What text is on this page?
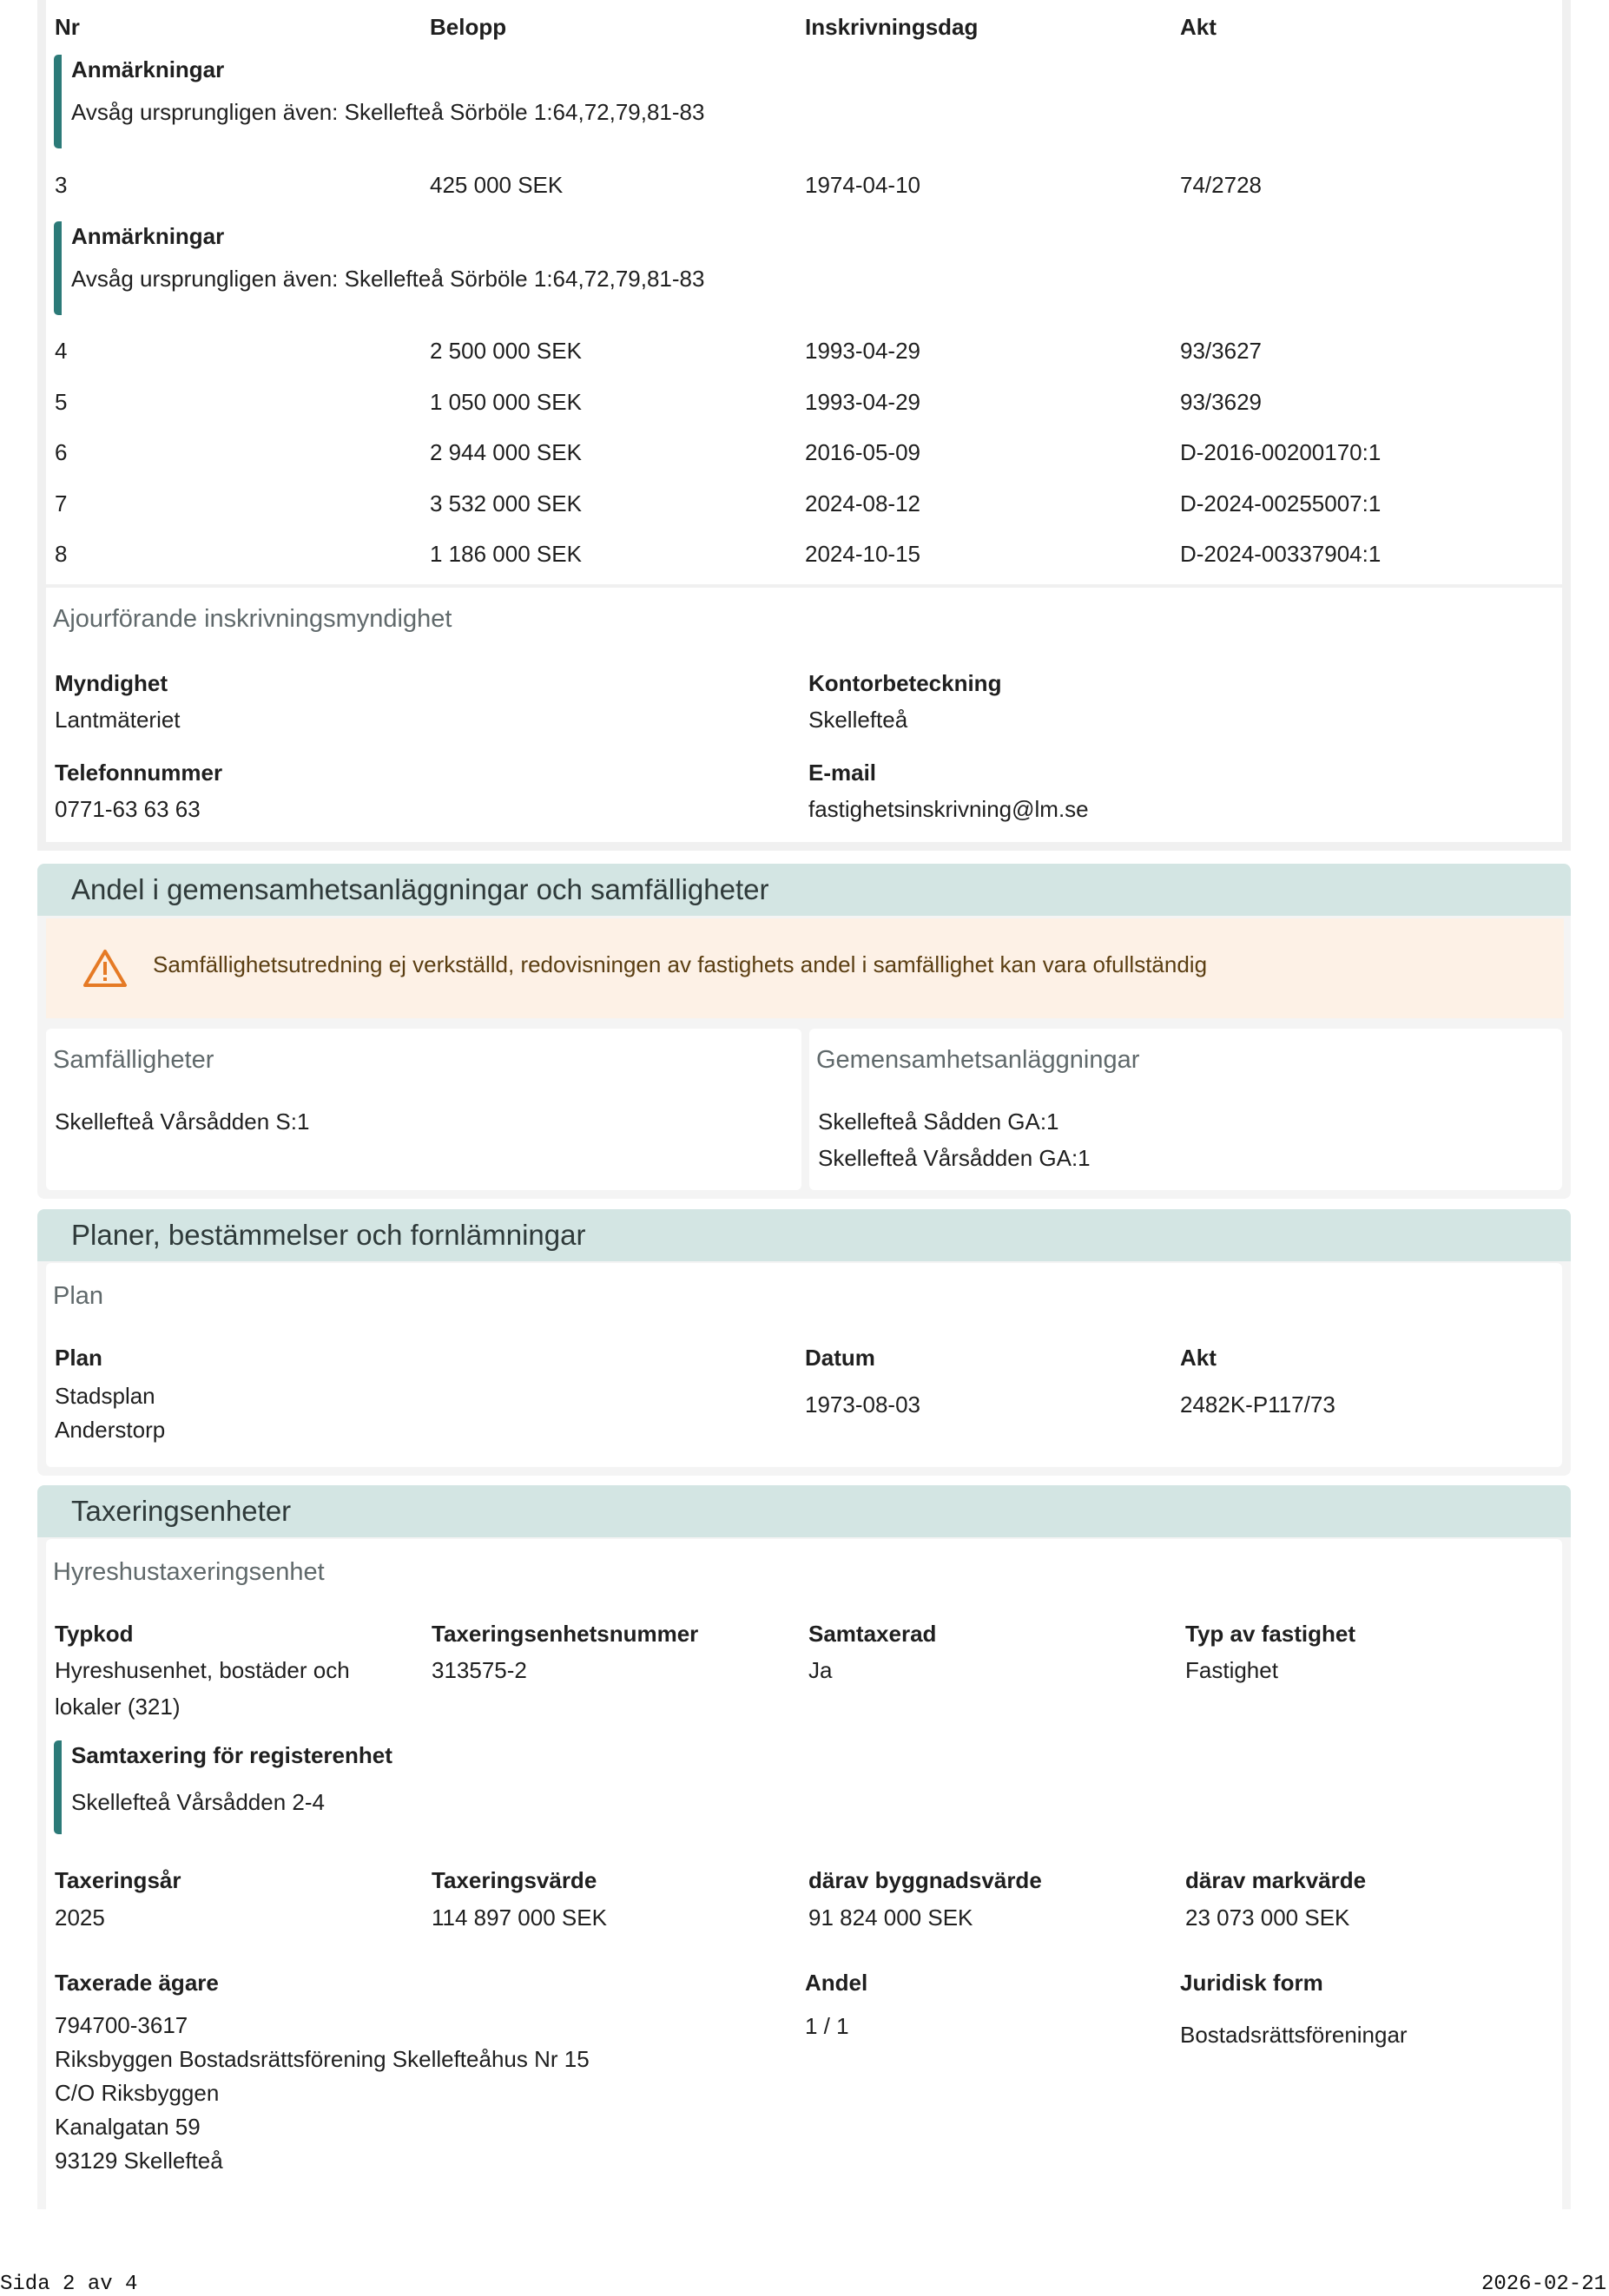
Nr	Belopp	Inskrivningsdag	Akt
Anmärkningar
Avsåg ursprungligen även: Skellefteå Sörböle 1:64,72,79,81-83
3	425 000 SEK	1974-04-10	74/2728
Anmärkningar
Avsåg ursprungligen även: Skellefteå Sörböle 1:64,72,79,81-83
4	2 500 000 SEK	1993-04-29	93/3627
5	1 050 000 SEK	1993-04-29	93/3629
6	2 944 000 SEK	2016-05-09	D-2016-00200170:1
7	3 532 000 SEK	2024-08-12	D-2024-00255007:1
8	1 186 000 SEK	2024-10-15	D-2024-00337904:1
Ajourförande inskrivningsmyndighet
Myndighet
Lantmäteriet
Kontorbeteckning
Skellefteå
Telefonnummer
0771-63 63 63
E-mail
fastighetsinskrivning@lm.se
Andel i gemensamhetsanläggningar och samfälligheter
Samfällighetsutredning ej verkställd, redovisningen av fastighets andel i samfällighet kan vara ofullständig
Samfälligheter
Skellefteå Vårsådden S:1
Gemensamhetsanläggningar
Skellefteå Sådden GA:1
Skellefteå Vårsådden GA:1
Planer, bestämmelser och fornlämningar
Plan
Plan	Datum	Akt
Stadsplan
Anderstorp
1973-08-03	2482K-P117/73
Taxeringsenheter
Hyreshustaxeringsenhet
Typkod
Hyreshusenhet, bostäder och
lokaler (321)
Taxeringsenhetsnummer
313575-2
Samtaxerad
Ja
Typ av fastighet
Fastighet
Samtaxering för registerenhet
Skellefteå Vårsådden 2-4
Taxeringsår
2025
Taxeringsvärde
114 897 000 SEK
därav byggnadsvärde
91 824 000 SEK
därav markvärde
23 073 000 SEK
Taxerade ägare
794700-3617
Riksbyggen Bostadsrättsförening Skellefteåhus Nr 15
C/O Riksbyggen
Kanalgatan 59
93129 Skellefteå
Andel
1 / 1
Juridisk form
Bostadsrättsföreningar
Sida 2 av 4	2026-02-21
